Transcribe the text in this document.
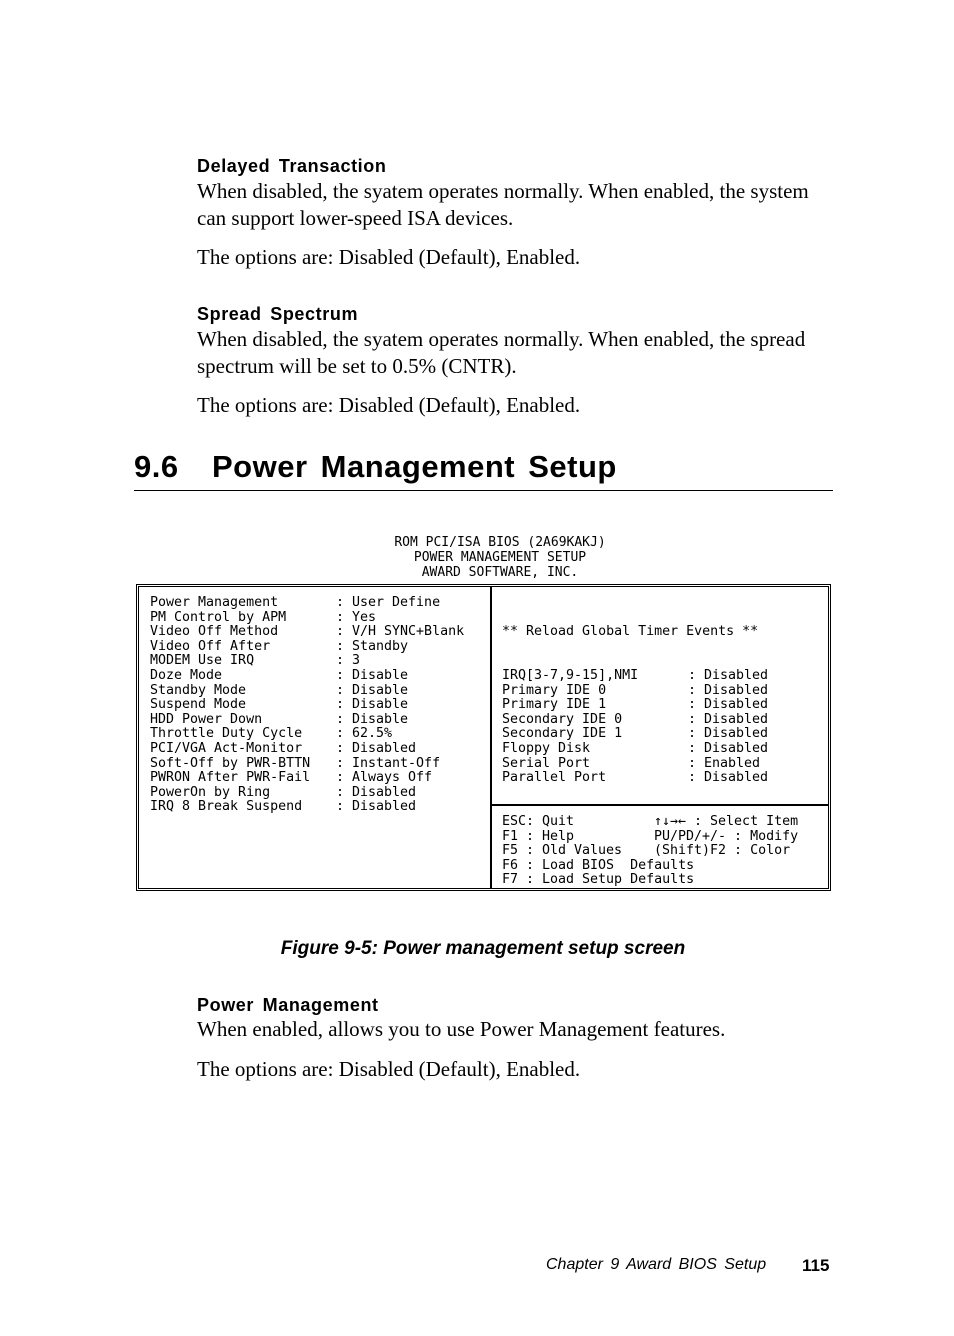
Delayed Transaction
When disabled, the syatem operates normally. When enabled, the system can support lower-speed ISA devices.
The options are: Disabled (Default), Enabled.
Spread Spectrum
When disabled, the syatem operates normally. When enabled, the spread spectrum will be set to 0.5% (CNTR).
The options are: Disabled (Default), Enabled.
9.6 Power Management Setup
ROM PCI/ISA BIOS (2A69KAKJ)
POWER MANAGEMENT SETUP
AWARD SOFTWARE, INC.

Power Management	: User Define
PM Control by APM	: Yes
Video Off Method	: V/H SYNC+Blank
Video Off After	: Standby
MODEM Use IRQ	: 3
Doze Mode	: Disable
Standby Mode	: Disable
Suspend Mode	: Disable
HDD Power Down	: Disable
Throttle Duty Cycle	: 62.5%
PCI/VGA Act-Monitor	: Disabled
Soft-Off by PWR-BTTN	: Instant-Off
PWRON After PWR-Fail	: Always Off
PowerOn by Ring	: Disabled
IRQ 8 Break Suspend	: Disabled

** Reload Global Timer Events **

IRQ[3-7,9-15],NMI	: Disabled
Primary IDE 0	: Disabled
Primary IDE 1	: Disabled
Secondary IDE 0	: Disabled
Secondary IDE 1	: Disabled
Floppy Disk	: Disabled
Serial Port	: Enabled
Parallel Port	: Disabled

ESC : Quit	↑↓→← : Select Item
F1 : Help	PU/PD/+/- : Modify
F5 : Old Values	(Shift)F2 : Color
F6 : Load BIOS  Defaults
F7 : Load Setup Defaults

Figure 9-5: Power management setup screen
Power Management
When enabled, allows you to use Power Management features.
The options are: Disabled (Default), Enabled.
Chapter 9 Award BIOS Setup 115
